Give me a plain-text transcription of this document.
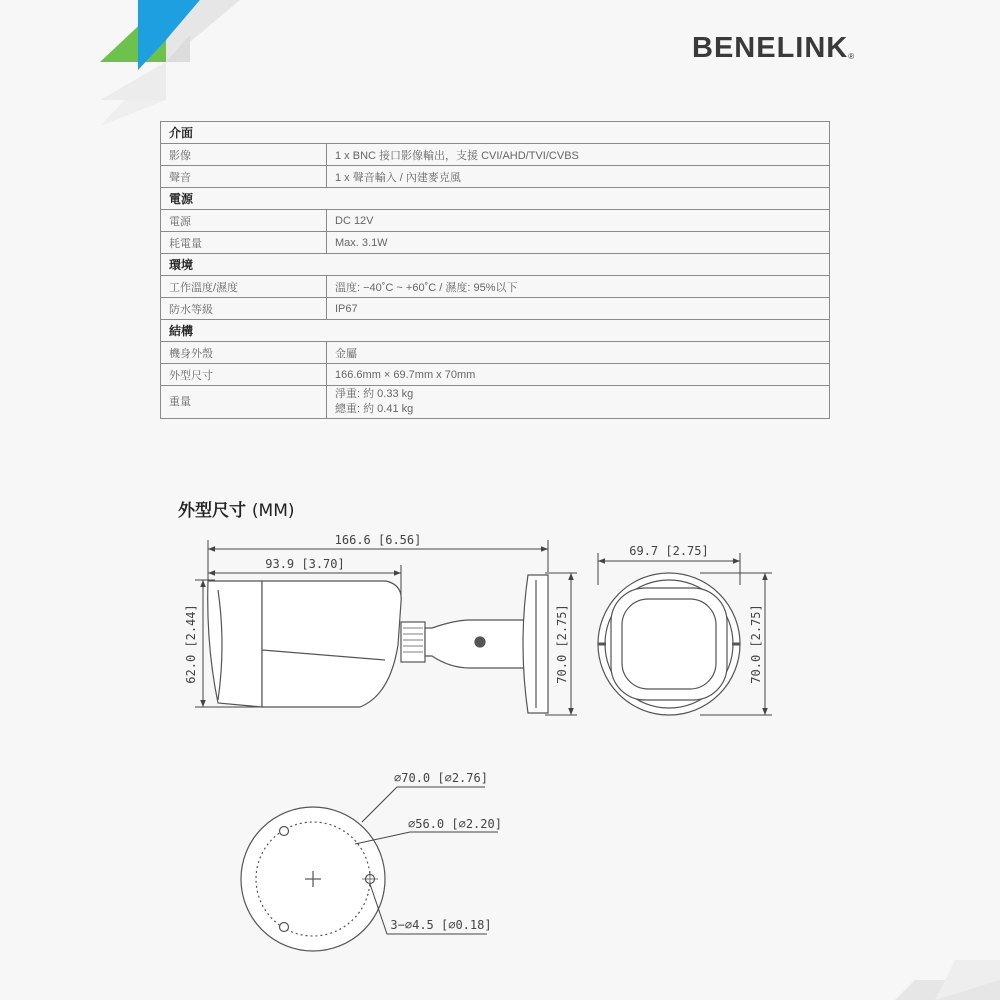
BENELINK®
介面	
影像	1 x BNC 接口影像輸出，支援 CVI/AHD/TVI/CVBS
聲音	1 x 聲音輸入 / 內建麥克風
電源	
電源	DC 12V
耗電量	Max. 3.1W
環境	
工作溫度/濕度	溫度: −40˚C ~ +60˚C / 濕度: 95%以下
防水等級	IP67
結構	
機身外殼	金屬
外型尺寸	166.6mm × 69.7mm x 70mm
重量	淨重: 約 0.33 kg
總重: 約 0.41 kg
外型尺寸 (MM)
166.6 [6.56]
93.9 [3.70]
62.0 [2.44]	70.0 [2.75]
69.7 [2.75]
70.0 [2.75]
⌀70.0 [⌀2.76]
⌀56.0 [⌀2.20]
3−⌀4.5 [⌀0.18]
